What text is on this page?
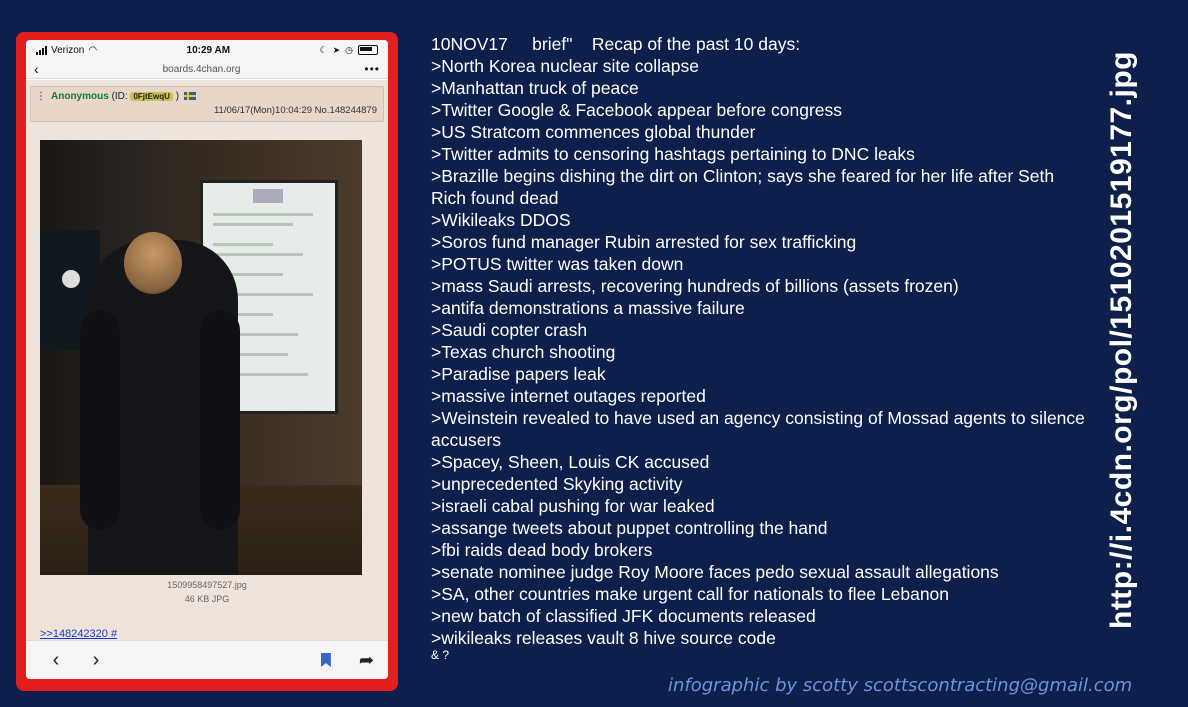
Verizon ◠	10:29 AM	☾ ➤ ◷
‹	boards.4chan.org	•••
⋮ Anonymous (ID: 0FjtEwqU )
11/06/17(Mon)10:04:29 No.148244879
1509958497527.jpg
46 KB JPG
>>148242320 #
‹	›	➦
10NOV17     brief"    Recap of the past 10 days:
>North Korea nuclear site collapse
>Manhattan truck of peace
>Twitter Google & Facebook appear before congress
>US Stratcom commences global thunder
>Twitter admits to censoring hashtags pertaining to DNC leaks
>Brazille begins dishing the dirt on Clinton; says she feared for her life after Seth Rich found dead
>Wikileaks DDOS
>Soros fund manager Rubin arrested for sex trafficking
>POTUS twitter was taken down
>mass Saudi arrests, recovering hundreds of billions (assets frozen)
>antifa demonstrations a massive failure
>Saudi copter crash
>Texas church shooting
>Paradise papers leak
>massive internet outages reported
>Weinstein revealed to have used an agency consisting of Mossad agents to silence accusers
>Spacey, Sheen, Louis CK accused
>unprecedented Skyking activity
>israeli cabal pushing for war leaked
>assange tweets about puppet controlling the hand
>fbi raids dead body brokers
>senate nominee judge Roy Moore faces pedo sexual assault allegations
>SA, other countries make urgent call for nationals to flee Lebanon
>new batch of classified JFK documents released
>wikileaks releases vault 8 hive source code
& ?
http://i.4cdn.org/pol/1510201519177.jpg
infographic by scotty scottscontracting@gmail.com
